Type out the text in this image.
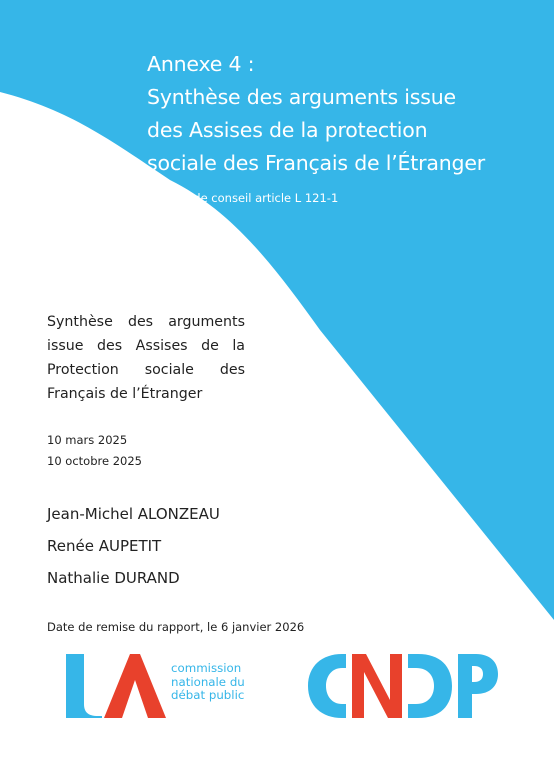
Annexe 4 :
Synthèse des arguments issue
des Assises de la protection
sociale des Français de l’Étranger
Mission de conseil article L 121-1
Synthèse des arguments
issue des Assises de la
Protection sociale des
Français de l’Étranger
10 mars 2025
10 octobre 2025
Jean-Michel ALONZEAU
Renée AUPETIT
Nathalie DURAND
Date de remise du rapport, le 6 janvier 2026
commission
nationale du
débat public
